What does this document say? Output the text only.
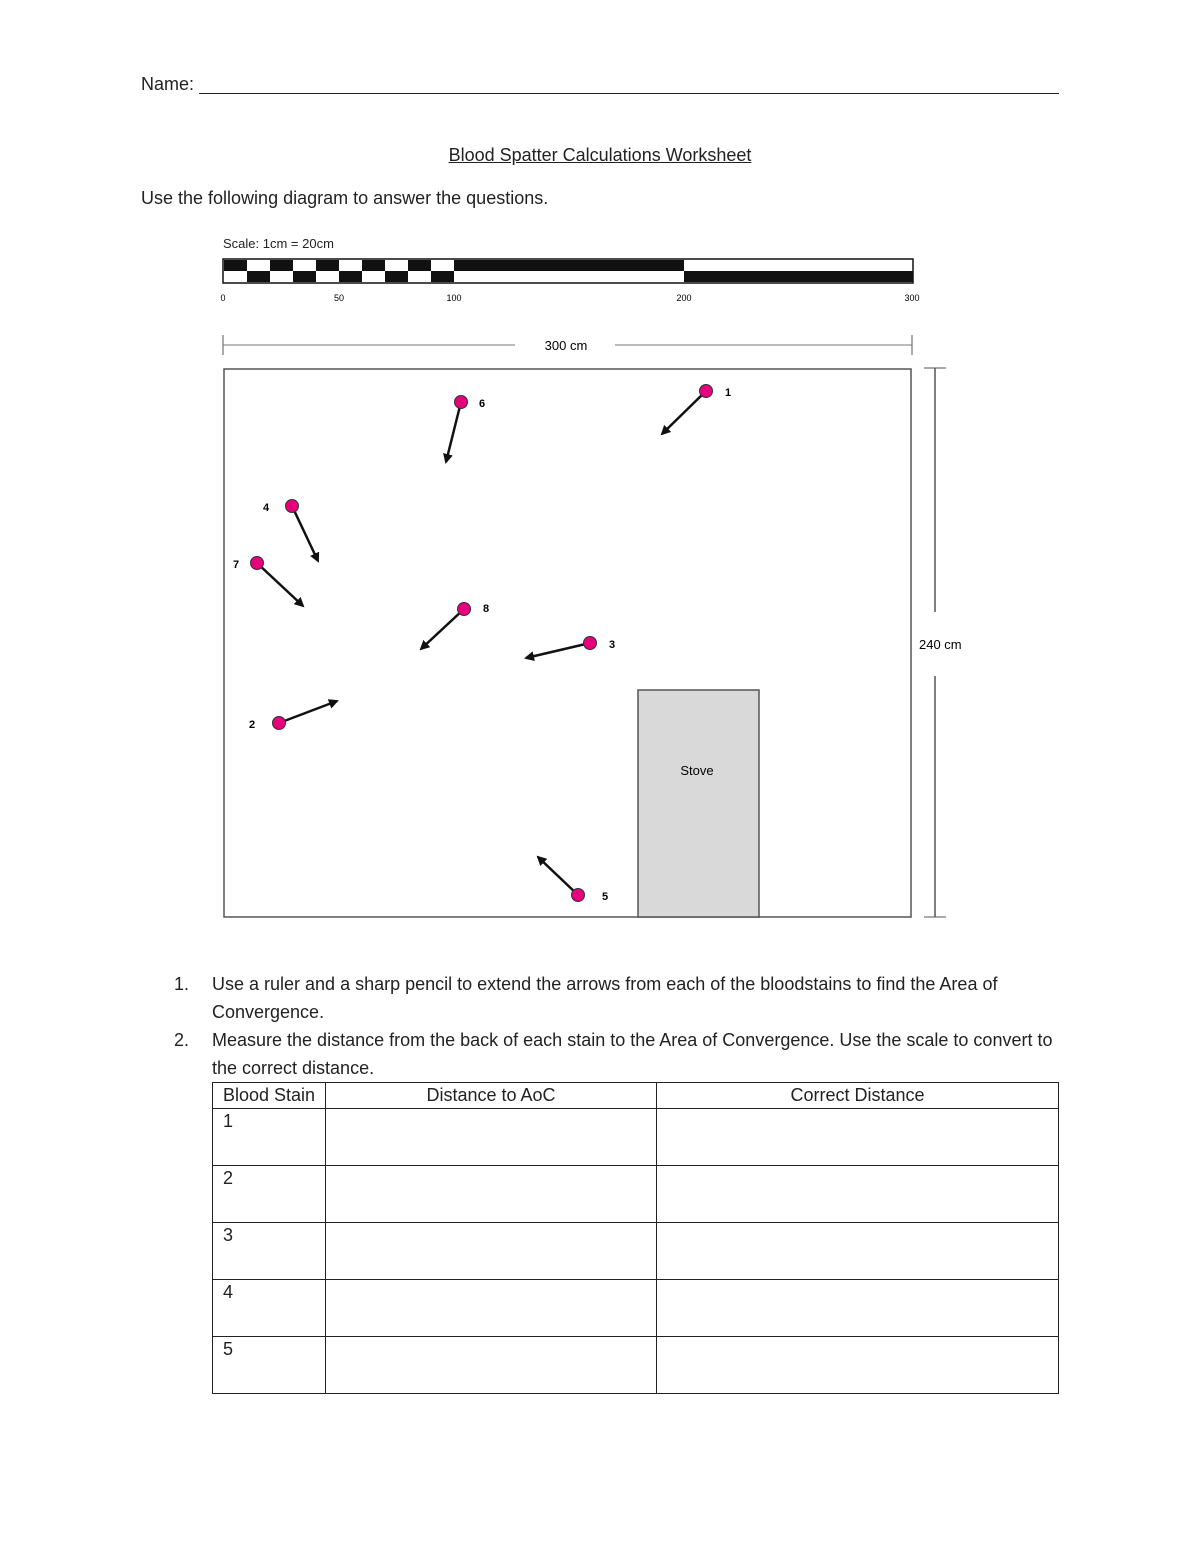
Name:
Blood Spatter Calculations Worksheet
Use the following diagram to answer the questions.
Scale: 1cm = 20cm
0	50	100	200	300
300 cm
240 cm
Stove
1
2
3
4
5
6
7
8
1. Use a ruler and a sharp pencil to extend the arrows from each of the bloodstains to find the Area of Convergence.
2. Measure the distance from the back of each stain to the Area of Convergence. Use the scale to convert to the correct distance.
Blood Stain	Distance to AoC	Correct Distance
1		
2		
3		
4		
5		
